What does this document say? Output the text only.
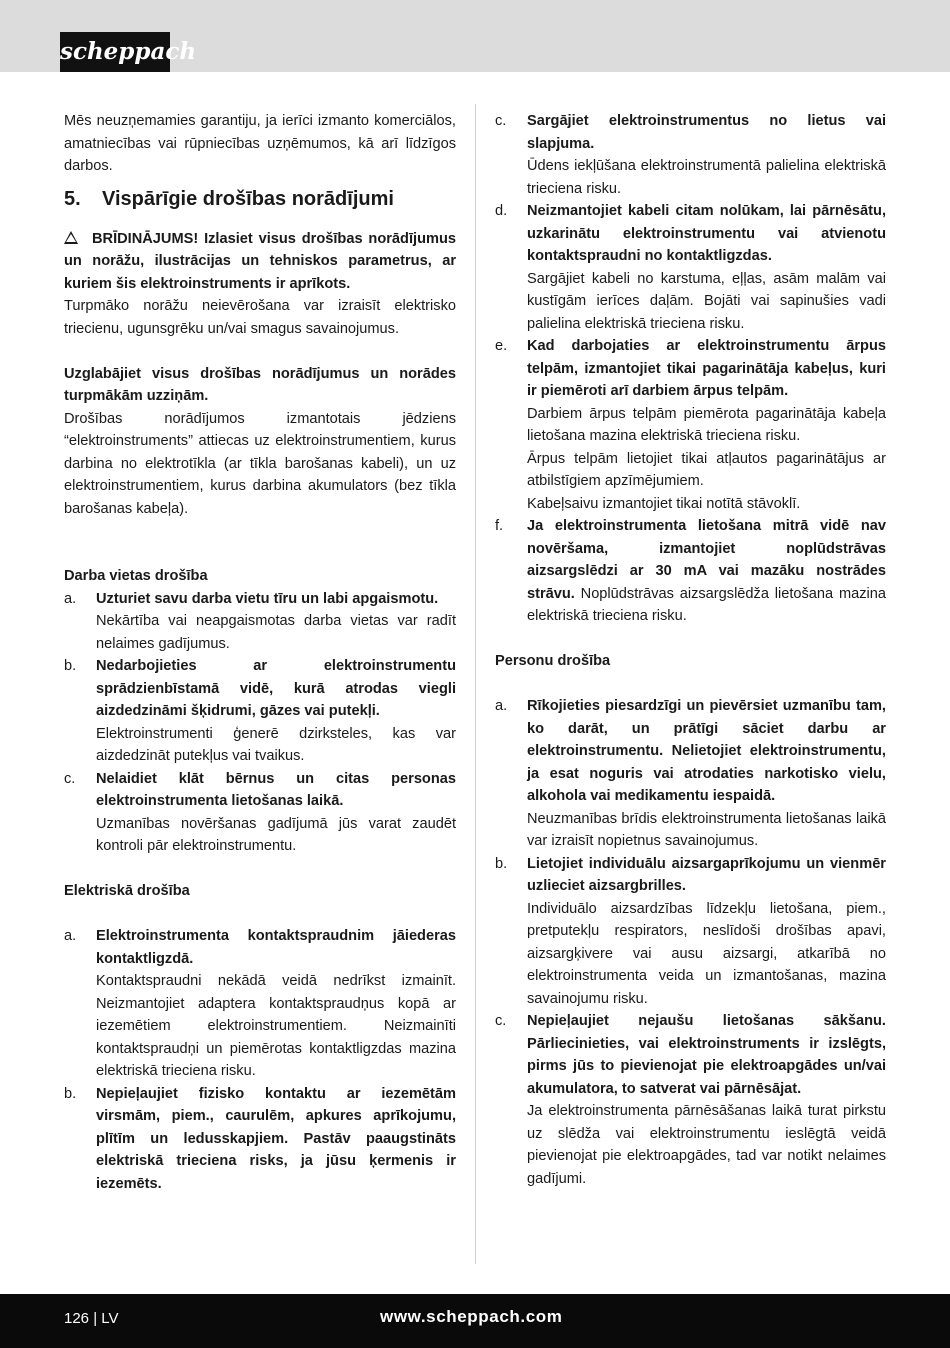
scheppach
Mēs neuzņemamies garantiju, ja ierīci izmanto komerciālos, amatniecības vai rūpniecības uzņēmumos, kā arī līdzīgos darbos.
5.	Vispārīgie drošības norādījumi
BRĪDINĀJUMS! Izlasiet visus drošības norādījumus un norāžu, ilustrācijas un tehniskos parametrus, ar kuriem šis elektroinstruments ir aprīkots.
Turpmāko norāžu neievērošana var izraisīt elektrisko triecienu, ugunsgrēku un/vai smagus savainojumus.
Uzglabājiet visus drošības norādījumus un norādes turpmākām uzziņām.
Drošības norādījumos izmantotais jēdziens “elektroinstruments” attiecas uz elektroinstrumentiem, kurus darbina no elektrotīkla (ar tīkla barošanas kabeli), un uz elektroinstrumentiem, kurus darbina akumulators (bez tīkla barošanas kabeļa).
Darba vietas drošība
a.	Uzturiet savu darba vietu tīru un labi apgaismotu.
Nekārtība vai neapgaismotas darba vietas var radīt nelaimes gadījumus.
b.	Nedarbojieties ar elektroinstrumentu sprādzienbīstamā vidē, kurā atrodas viegli aizdedzināmi šķidrumi, gāzes vai putekļi.
Elektroinstrumenti ģenerē dzirksteles, kas var aizdedzināt putekļus vai tvaikus.
c.	Nelaidiet klāt bērnus un citas personas elektroinstrumenta lietošanas laikā.
Uzmanības novēršanas gadījumā jūs varat zaudēt kontroli pār elektroinstrumentu.
Elektriskā drošība
a.	Elektroinstrumenta kontaktspraudnim jāiederas kontaktligzdā.
Kontaktspraudni nekādā veidā nedrīkst izmainīt. Neizmantojiet adaptera kontaktspraudņus kopā ar iezemētiem elektroinstrumentiem. Neizmainīti kontaktspraudņi un piemērotas kontaktligzdas mazina elektriskā trieciena risku.
b.	Nepieļaujiet fizisko kontaktu ar iezemētām virsmām, piem., caurulēm, apkures aprīkojumu, plītīm un ledusskapjiem. Pastāv paaugstināts elektriskā trieciena risks, ja jūsu ķermenis ir iezemēts.
c.	Sargājiet elektroinstrumentus no lietus vai slapjuma.
Ūdens iekļūšana elektroinstrumentā palielina elektriskā trieciena risku.
d.	Neizmantojiet kabeli citam nolūkam, lai pārnēsātu, uzkarinātu elektroinstrumentu vai atvienotu kontaktspraudni no kontaktligzdas.
Sargājiet kabeli no karstuma, eļļas, asām malām vai kustīgām ierīces daļām. Bojāti vai sapinušies vadi palielina elektriskā trieciena risku.
e.	Kad darbojaties ar elektroinstrumentu ārpus telpām, izmantojiet tikai pagarinātāja kabeļus, kuri ir piemēroti arī darbiem ārpus telpām.
Darbiem ārpus telpām piemērota pagarinātāja kabeļa lietošana mazina elektriskā trieciena risku.
Ārpus telpām lietojiet tikai atļautos pagarinātājus ar atbilstīgiem apzīmējumiem.
Kabeļsaivu izmantojiet tikai notītā stāvoklī.
f.	Ja elektroinstrumenta lietošana mitrā vidē nav novēršama, izmantojiet noplūdstrāvas aizsargslēdzi ar 30 mA vai mazāku nostrādes strāvu. Noplūdstrāvas aizsargslēdža lietošana mazina elektriskā trieciena risku.
Personu drošība
a.	Rīkojieties piesardzīgi un pievērsiet uzmanību tam, ko darāt, un prātīgi sāciet darbu ar elektroinstrumentu. Nelietojiet elektroinstrumentu, ja esat noguris vai atrodaties narkotisko vielu, alkohola vai medikamentu iespaidā.
Neuzmanības brīdis elektroinstrumenta lietošanas laikā var izraisīt nopietnus savainojumus.
b.	Lietojiet individuālu aizsargaprīkojumu un vienmēr uzlieciet aizsargbrilles.
Individuālo aizsardzības līdzekļu lietošana, piem., pretputekļu respirators, neslīdoši drošības apavi, aizsargķivere vai ausu aizsargi, atkarībā no elektroinstrumenta veida un izmantošanas, mazina savainojumu risku.
c.	Nepieļaujiet nejaušu lietošanas sākšanu. Pārliecinieties, vai elektroinstruments ir izslēgts, pirms jūs to pievienojat pie elektroapgādes un/vai akumulatora, to satverat vai pārnēsājat.
Ja elektroinstrumenta pārnēsāšanas laikā turat pirkstu uz slēdža vai elektroinstrumentu ieslēgtā veidā pievienojat pie elektroapgādes, tad var notikt nelaimes gadījumi.
126 | LV	www.scheppach.com
